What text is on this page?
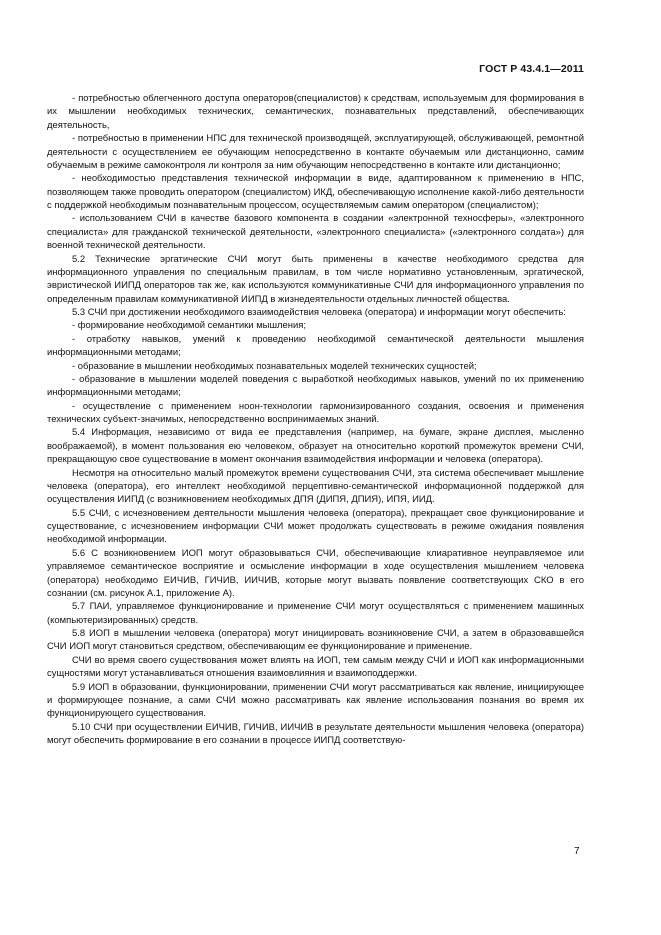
ГОСТ Р 43.4.1—2011

- потребностью облегченного доступа операторов(специалистов) к средствам, используемым для формирования в их мышлении необходимых технических, семантических, познавательных представлений, обеспечивающих деятельность,

- потребностью в применении НПС для технической производящей, эксплуатирующей, обслуживающей, ремонтной деятельности с осуществлением ее обучающим непосредственно в контакте обучаемым или дистанционно, самим обучаемым в режиме самоконтроля ли контроля за ним обучающим непосредственно в контакте или дистанционно;

- необходимостью представления технической информации в виде, адаптированном к применению в НПС, позволяющем также проводить оператором (специалистом) ИКД, обеспечивающую исполнение какой-либо деятельности с поддержкой необходимым познавательным процессом, осуществляемым самим оператором (специалистом);

- использованием СЧИ в качестве базового компонента в создании «электронной техносферы», «электронного специалиста» для гражданской технической деятельности, «электронного специалиста» («электронного солдата») для военной технической деятельности.

5.2 Технические эргатические СЧИ могут быть применены в качестве необходимого средства для информационного управления по специальным правилам, в том числе нормативно установленным, эргатической, эвристической ИИПД операторов так же, как используются коммуникативные СЧИ для информационного управления по определенным правилам коммуникативной ИИПД в жизнедеятельности отдельных личностей общества.

5.3 СЧИ при достижении необходимого взаимодействия человека (оператора) и информации могут обеспечить:

- формирование необходимой семантики мышления;

- отработку навыков, умений к проведению необходимой семантической деятельности мышления информационными методами;

- образование в мышлении необходимых познавательных моделей технических сущностей;

- образование в мышлении моделей поведения с выработкой необходимых навыков, умений по их применению информационными методами;

- осуществление с применением ноон-технологии гармонизированного создания, освоения и применения технических субъект-значимых, непосредственно воспринимаемых знаний.

5.4 Информация, независимо от вида ее представления (например, на бумаге, экране дисплея, мысленно воображаемой), в момент пользования ею человеком, образует на относительно короткий промежуток времени СЧИ, прекращающую свое существование в момент окончания взаимодействия информации и человека (оператора).

Несмотря на относительно малый промежуток времени существования СЧИ, эта система обеспечивает мышление человека (оператора), его интеллект необходимой перцептивно-семантической информационной поддержкой для осуществления ИИПД (с возникновением необходимых ДПЯ (ДИПЯ, ДПИЯ), ИПЯ, ИИД.

5.5 СЧИ, с исчезновением деятельности мышления человека (оператора), прекращает свое функционирование и существование, с исчезновением информации СЧИ может продолжать существовать в режиме ожидания появления необходимой информации.

5.6 С возникновением ИОП могут образовываться СЧИ, обеспечивающие клиаративное неуправляемое или управляемое семантическое восприятие и осмысление информации в ходе осуществления мышлением человека (оператора) необходимо ЕИЧИВ, ГИЧИВ, ИИЧИВ, которые могут вызвать появление соответствующих СКО в его сознании (см. рисунок А.1, приложение А).

5.7 ПАИ, управляемое функционирование и применение СЧИ могут осуществляться с применением машинных (компьютеризированных) средств.

5.8 ИОП в мышлении человека (оператора) могут инициировать возникновение СЧИ, а затем в образовавшейся СЧИ ИОП могут становиться средством, обеспечивающим ее функционирование и применение.

СЧИ во время своего существования может влиять на ИОП, тем самым между СЧИ и ИОП как информационными сущностями могут устанавливаться отношения взаимовлияния и взаимоподдержки.

5.9 ИОП в образовании, функционировании, применении СЧИ могут рассматриваться как явление, инициирующее и формирующее познание, а сами СЧИ можно рассматривать как явление использования познания во время их функционирующего существования.

5.10 СЧИ при осуществлении ЕИЧИВ, ГИЧИВ, ИИЧИВ в результате деятельности мышления человека (оператора) могут обеспечить формирование в его сознании в процессе ИИПД соответствую-

7
